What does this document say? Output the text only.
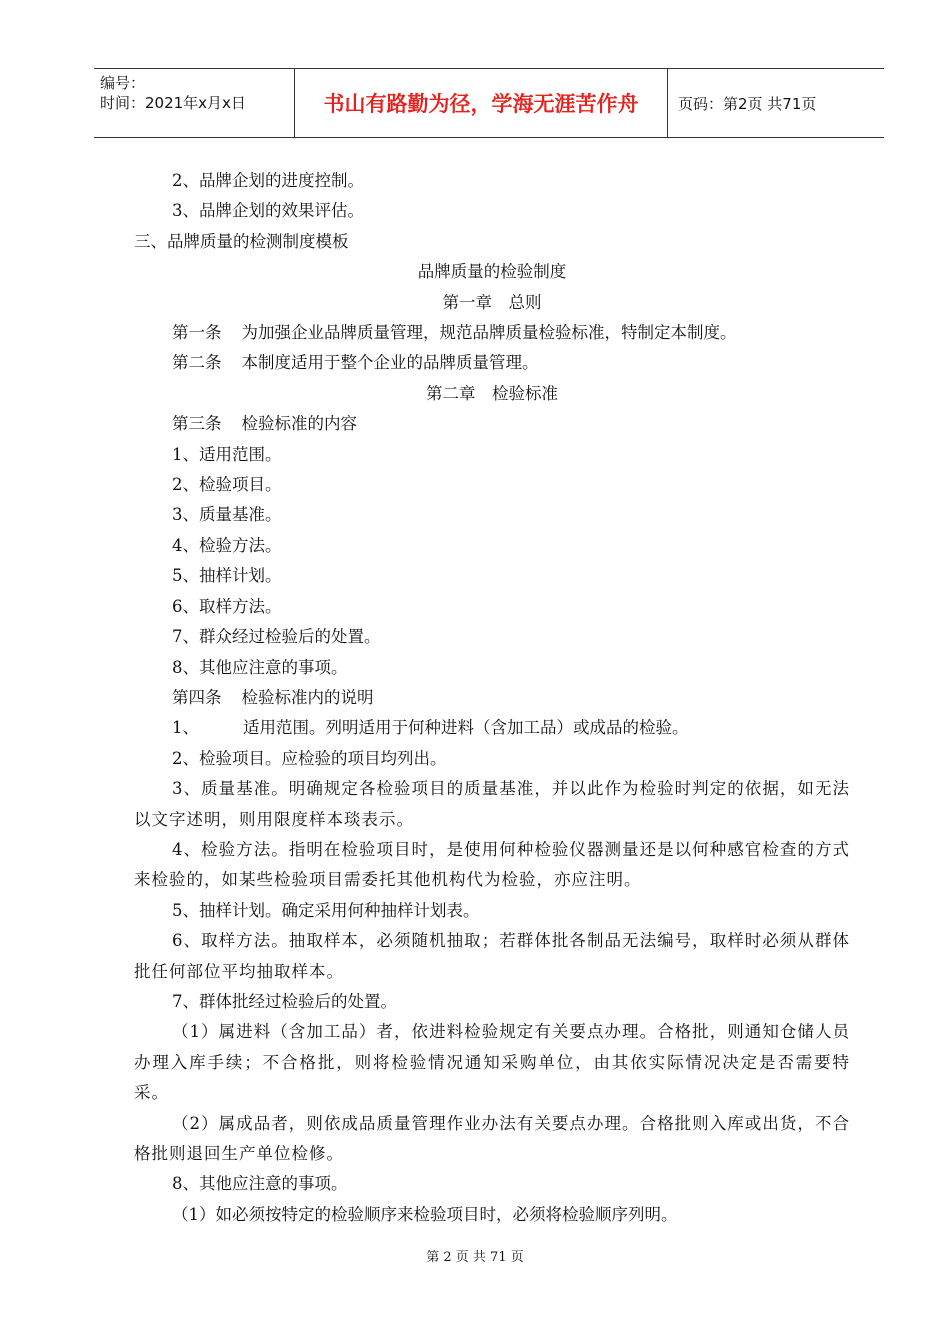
编号：
时间：2021年x月x日	书山有路勤为径，学海无涯苦作舟	页码：第2页 共71页

2、品牌企划的进度控制。

3、品牌企划的效果评估。

三、品牌质量的检测制度模板

品牌质量的检验制度

第一章　总则

第一条 为加强企业品牌质量管理，规范品牌质量检验标准，特制定本制度。

第二条 本制度适用于整个企业的品牌质量管理。

第二章　检验标准

第三条 检验标准的内容

1、适用范围。

2、检验项目。

3、质量基准。

4、检验方法。

5、抽样计划。

6、取样方法。

7、群众经过检验后的处置。

8、其他应注意的事项。

第四条 检验标准内的说明

1、	适用范围。列明适用于何种进料（含加工品）或成品的检验。

2、检验项目。应检验的项目均列出。

3、质量基准。明确规定各检验项目的质量基准，并以此作为检验时判定的依据，如无法以文字述明，则用限度样本琰表示。

4、检验方法。指明在检验项目时，是使用何种检验仪器测量还是以何种感官检查的方式来检验的，如某些检验项目需委托其他机构代为检验，亦应注明。

5、抽样计划。确定采用何种抽样计划表。

6、取样方法。抽取样本，必须随机抽取；若群体批各制品无法编号，取样时必须从群体批任何部位平均抽取样本。

7、群体批经过检验后的处置。

（1）属进料（含加工品）者，依进料检验规定有关要点办理。合格批，则通知仓储人员办理入库手续；不合格批，则将检验情况通知采购单位，由其依实际情况决定是否需要特采。

（2）属成品者，则依成品质量管理作业办法有关要点办理。合格批则入库或出货，不合格批则退回生产单位检修。

8、其他应注意的事项。

（1）如必须按特定的检验顺序来检验项目时，必须将检验顺序列明。

第 2 页 共 71 页
